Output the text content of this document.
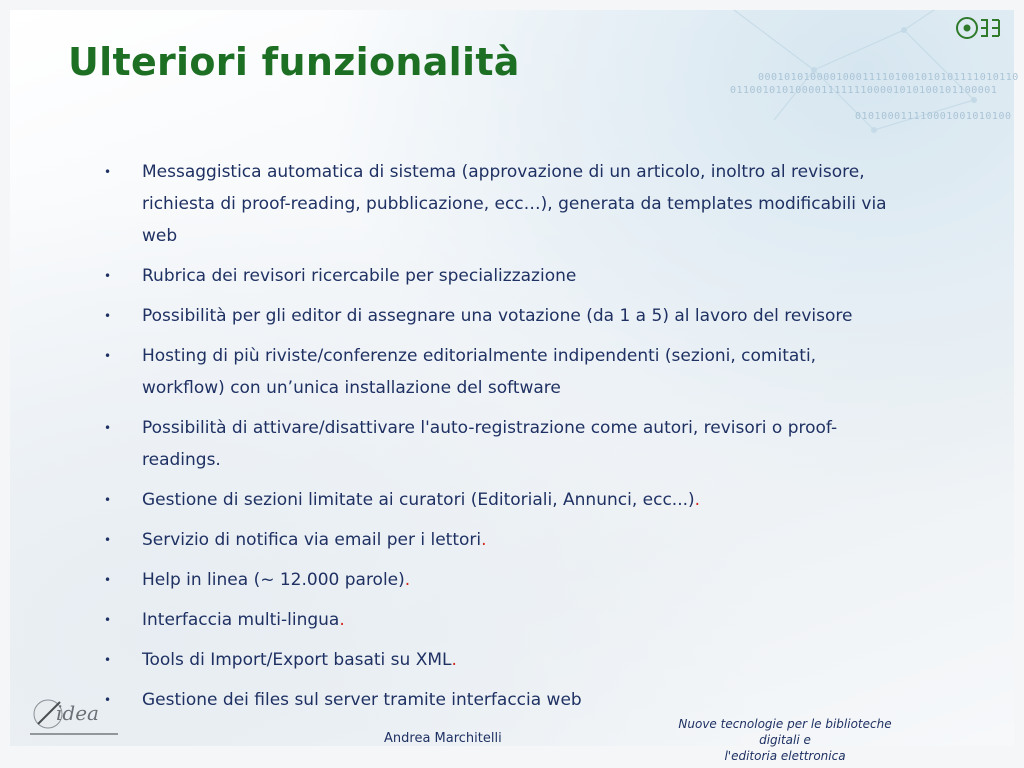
0001010100001000111101001010101111010110
01100101010000111111100001010100101100001
010100011110001001010100
Ulteriori funzionalità
• Messaggistica automatica di sistema (approvazione di un articolo, inoltro al revisore, richiesta di proof-reading, pubblicazione, ecc…), generata da templates modificabili via web
• Rubrica dei revisori ricercabile per specializzazione
• Possibilità per gli editor di assegnare una votazione (da 1 a 5) al lavoro del revisore
• Hosting di più riviste/conferenze editorialmente indipendenti (sezioni, comitati, workflow) con un’unica installazione del software
• Possibilità di attivare/disattivare l'auto-registrazione come autori, revisori o proof-readings.
• Gestione di sezioni limitate ai curatori (Editoriali, Annunci, ecc...).
• Servizio di notifica via email per i lettori.
• Help in linea (~ 12.000 parole).
• Interfaccia multi-lingua.
• Tools di Import/Export basati su XML.
• Gestione dei files sul server tramite interfaccia web
idea
Andrea Marchitelli
Nuove tecnologie per le biblioteche digitali e
l'editoria elettronica
